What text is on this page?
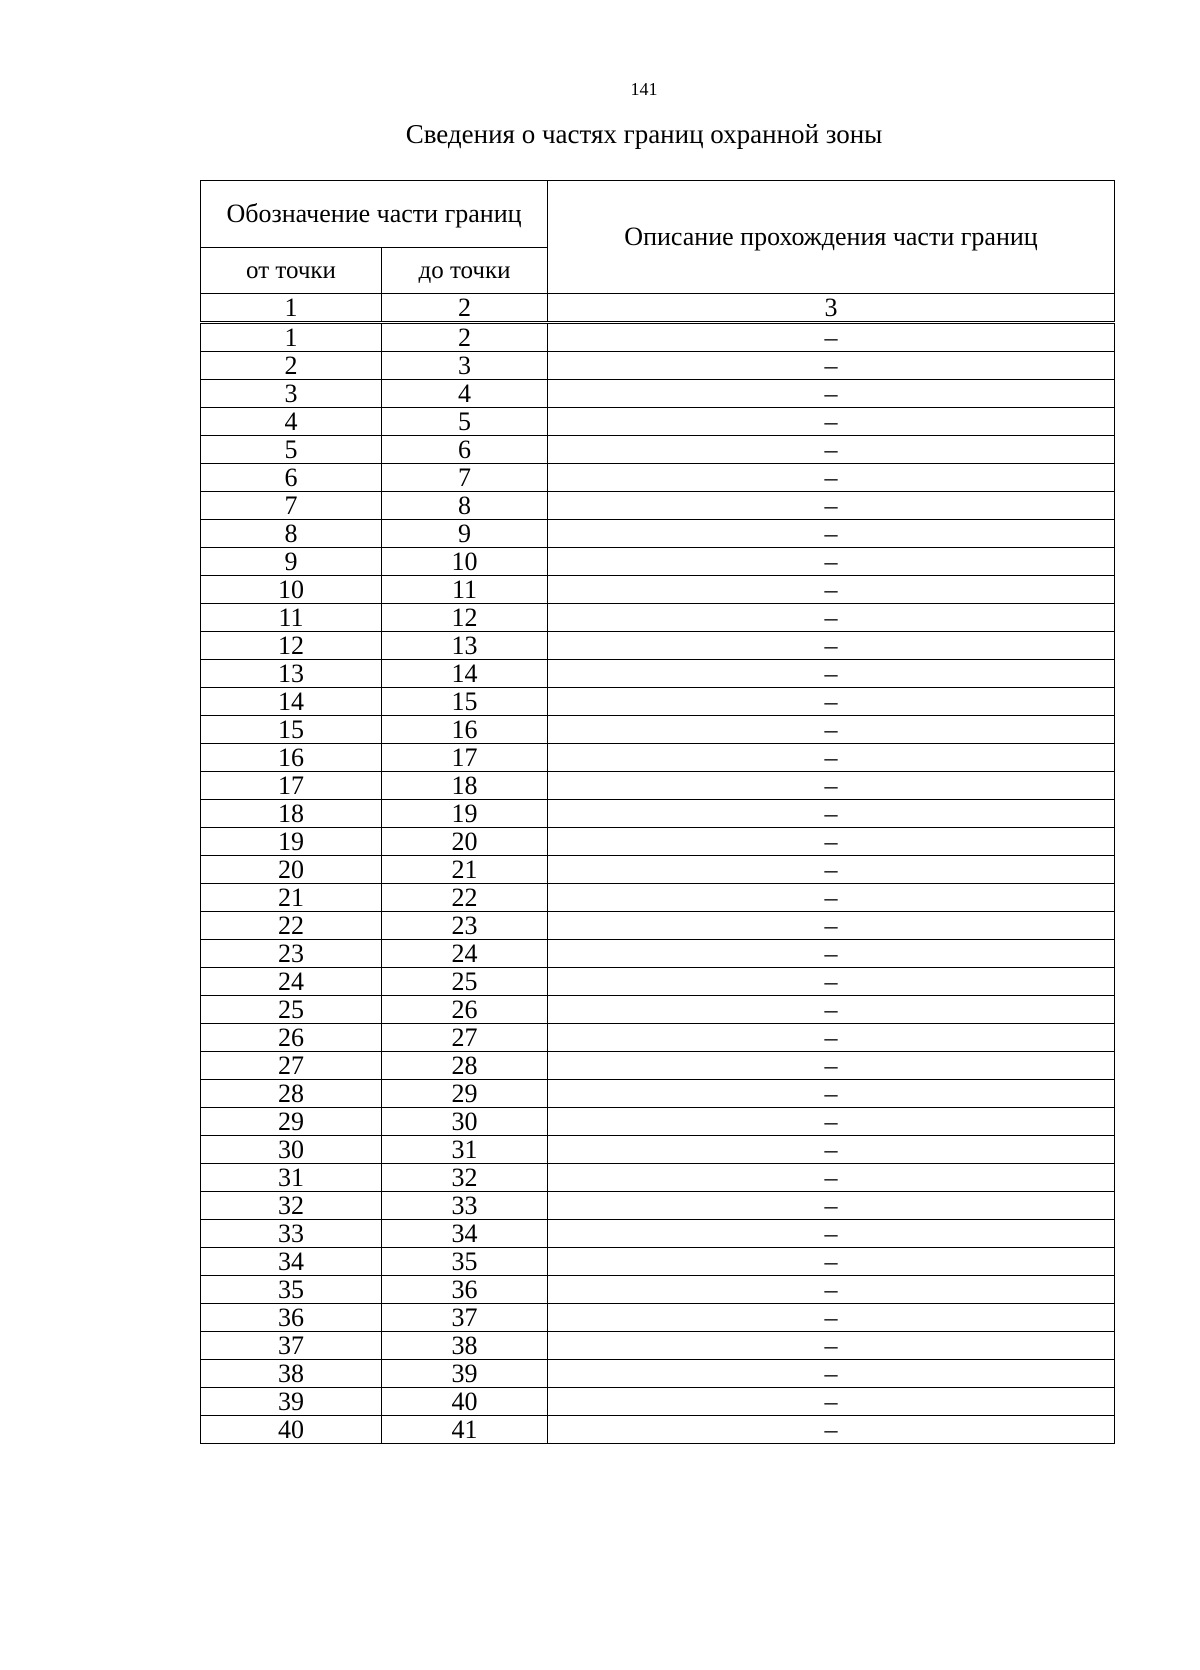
141
Сведения о частях границ охранной зоны
Обозначение части границ		Описание прохождения части границ
от точки	до точки	
1	2	3
1	2	–
2	3	–
3	4	–
4	5	–
5	6	–
6	7	–
7	8	–
8	9	–
9	10	–
10	11	–
11	12	–
12	13	–
13	14	–
14	15	–
15	16	–
16	17	–
17	18	–
18	19	–
19	20	–
20	21	–
21	22	–
22	23	–
23	24	–
24	25	–
25	26	–
26	27	–
27	28	–
28	29	–
29	30	–
30	31	–
31	32	–
32	33	–
33	34	–
34	35	–
35	36	–
36	37	–
37	38	–
38	39	–
39	40	–
40	41	–
